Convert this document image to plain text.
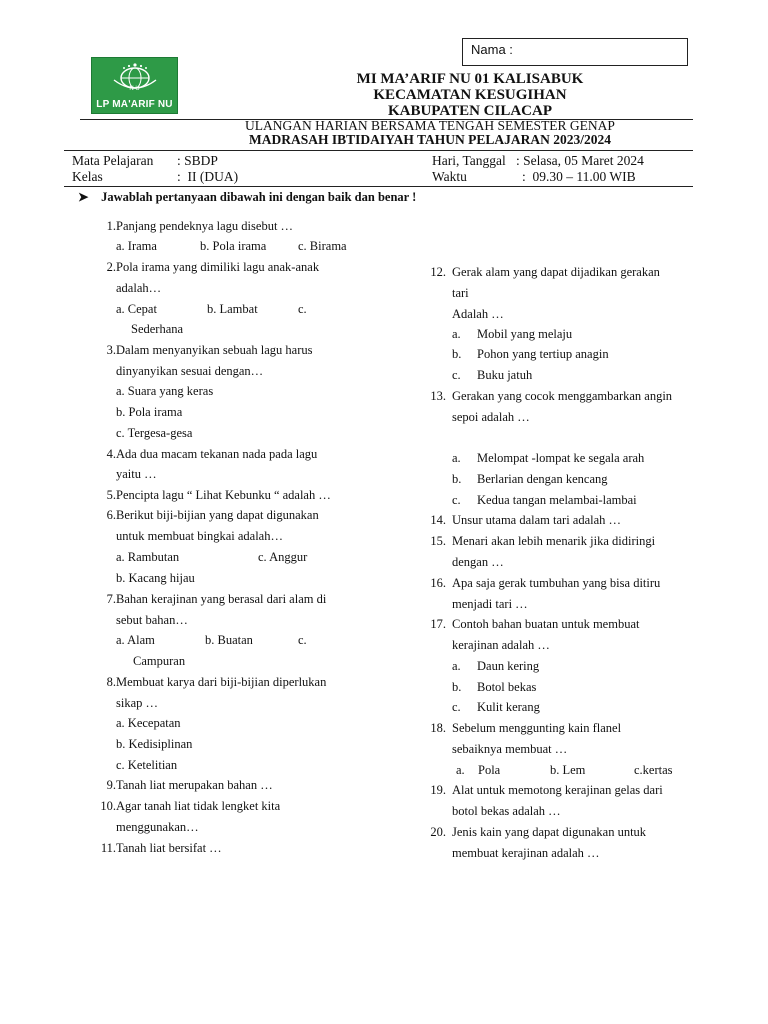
Nama :
N U
LP MA'ARIF NU
MI MA’ARIF NU 01 KALISABUK
KECAMATAN KESUGIHAN
KABUPATEN CILACAP
ULANGAN HARIAN BERSAMA TENGAH SEMESTER GENAP
MADRASAH IBTIDAIYAH TAHUN PELAJARAN 2023/2024
Mata Pelajaran : SBDP
Kelas	:  II (DUA)
Hari, Tanggal : Selasa, 05 Maret 2024
Waktu	:  09.30 – 11.00 WIB
➤ Jawablah pertanyaan dibawah ini dengan baik dan benar !
1. Panjang pendeknya lagu disebut …
a. Irama	b. Pola irama	c. Birama
2. Pola irama yang dimiliki lagu anak-anak
adalah…
a. Cepat	b. Lambat	c.
Sederhana
3. Dalam menyanyikan sebuah lagu harus
dinyanyikan sesuai dengan…
a. Suara yang keras
b. Pola irama
c. Tergesa-gesa
4. Ada dua macam tekanan nada pada lagu
yaitu …
5. Pencipta lagu “ Lihat Kebunku “ adalah …
6. Berikut biji-bijian yang dapat digunakan
untuk membuat bingkai adalah…
a. Rambutan	c. Anggur
b. Kacang hijau
7. Bahan kerajinan yang berasal dari alam di
sebut bahan…
a. Alam	b. Buatan	c.
Campuran
8. Membuat karya dari biji-bijian diperlukan
sikap …
a. Kecepatan
b. Kedisiplinan
c. Ketelitian
9. Tanah liat merupakan bahan …
10. Agar tanah liat tidak lengket kita
menggunakan…
11. Tanah liat bersifat …
12. Gerak alam yang dapat dijadikan gerakan
tari
Adalah …
a. Mobil yang melaju
b. Pohon yang tertiup anagin
c. Buku jatuh
13. Gerakan yang cocok menggambarkan angin
sepoi adalah …
a. Melompat -lompat ke segala arah
b. Berlarian dengan kencang
c. Kedua tangan melambai-lambai
14. Unsur utama dalam tari adalah …
15. Menari akan lebih menarik jika didiringi
dengan …
16. Apa saja gerak tumbuhan yang bisa ditiru
menjadi tari …
17. Contoh bahan buatan untuk membuat
kerajinan adalah …
a. Daun kering
b. Botol bekas
c. Kulit kerang
18. Sebelum menggunting kain flanel
sebaiknya membuat …
a. Pola	b. Lem	c.kertas
19. Alat untuk memotong kerajinan gelas dari
botol bekas adalah …
20. Jenis kain yang dapat digunakan untuk
membuat kerajinan adalah …
